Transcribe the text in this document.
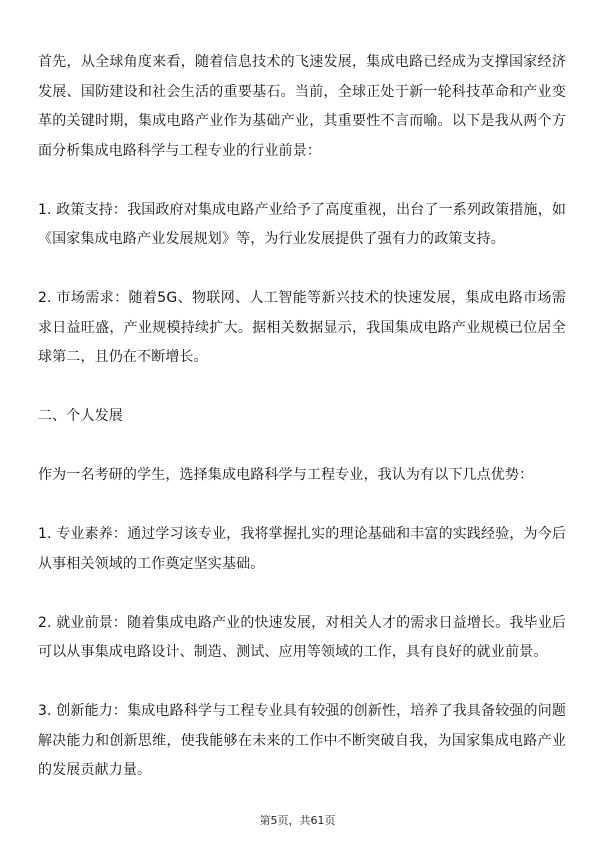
首先，从全球角度来看，随着信息技术的飞速发展，集成电路已经成为支撑国家经济发展、国防建设和社会生活的重要基石。当前，全球正处于新一轮科技革命和产业变革的关键时期，集成电路产业作为基础产业，其重要性不言而喻。以下是我从两个方面分析集成电路科学与工程专业的行业前景：

1. 政策支持：我国政府对集成电路产业给予了高度重视，出台了一系列政策措施，如《国家集成电路产业发展规划》等，为行业发展提供了强有力的政策支持。

2. 市场需求：随着5G、物联网、人工智能等新兴技术的快速发展，集成电路市场需求日益旺盛，产业规模持续扩大。据相关数据显示，我国集成电路产业规模已位居全球第二，且仍在不断增长。

二、个人发展

作为一名考研的学生，选择集成电路科学与工程专业，我认为有以下几点优势：

1. 专业素养：通过学习该专业，我将掌握扎实的理论基础和丰富的实践经验，为今后从事相关领域的工作奠定坚实基础。

2. 就业前景：随着集成电路产业的快速发展，对相关人才的需求日益增长。我毕业后可以从事集成电路设计、制造、测试、应用等领域的工作，具有良好的就业前景。

3. 创新能力：集成电路科学与工程专业具有较强的创新性，培养了我具备较强的问题解决能力和创新思维，使我能够在未来的工作中不断突破自我，为国家集成电路产业的发展贡献力量。

第5页，共61页
